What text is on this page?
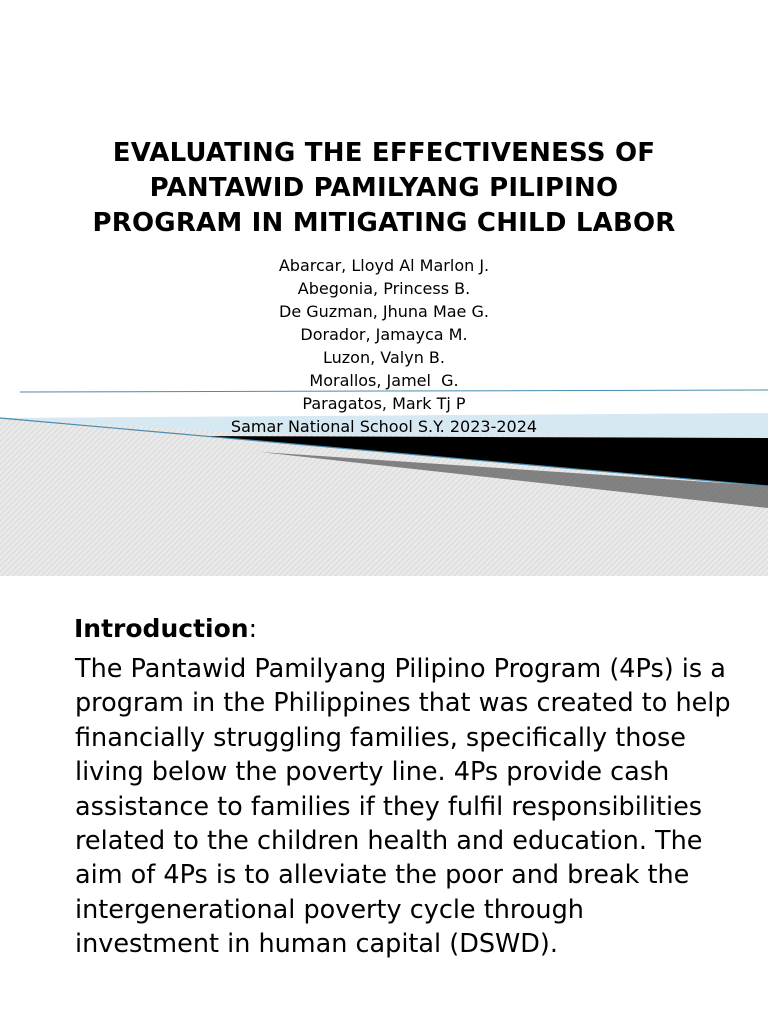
EVALUATING THE EFFECTIVENESS OF
PANTAWID PAMILYANG PILIPINO
PROGRAM IN MITIGATING CHILD LABOR
Abarcar, Lloyd Al Marlon J.
Abegonia, Princess B.
De Guzman, Jhuna Mae G.
Dorador, Jamayca M.
Luzon, Valyn B.
Morallos, Jamel  G.
Paragatos, Mark Tj P
Samar National School S.Y. 2023-2024

Introduction:

The Pantawid Pamilyang Pilipino Program (4Ps) is a program in the Philippines that was created to help financially struggling families, specifically those living below the poverty line. 4Ps provide cash assistance to families if they fulfil responsibilities related to the children health and education. The aim of 4Ps is to alleviate the poor and break the intergenerational poverty cycle through investment in human capital (DSWD).
